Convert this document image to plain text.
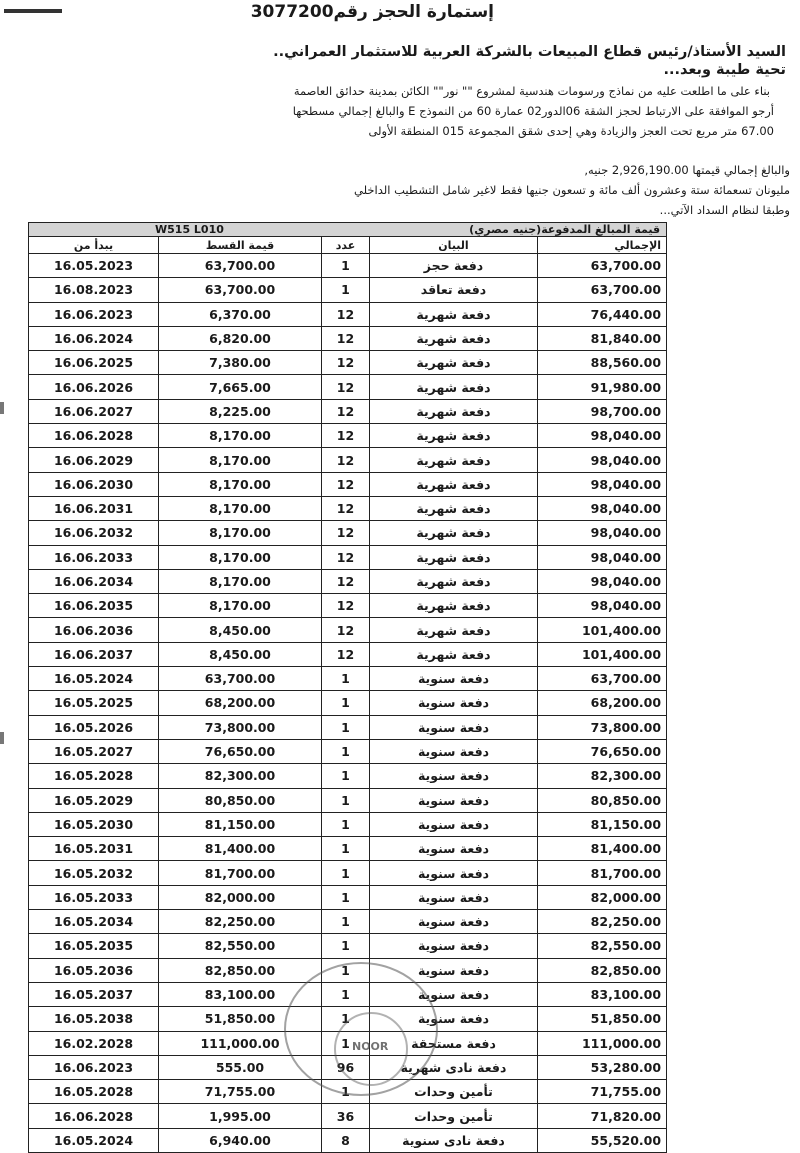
إستمارة الحجز رقم3077200
السيد الأستاذ/رئيس قطاع المبيعات بالشركة العربية للاستثمار العمراني..
تحية طيبة وبعد...
بناء على ما اطلعت عليه من نماذج ورسومات هندسية لمشروع "" نور"" الكائن بمدينة حدائق العاصمة
أرجو الموافقة على الارتباط لحجز الشقة 06الدور02 عمارة 60 من النموذج E والبالغ إجمالي مسطحها
67.00 متر مربع تحت العجز والزيادة وهي إحدى شقق المجموعة 015 المنطقة الأولى
والبالغ إجمالي قيمتها 2,926,190.00 جنيه,
مليونان تسعمائة ستة وعشرون ألف مائة و تسعون جنيها فقط لاغير شامل التشطيب الداخلي
وطبقا لنظام السداد الآتي...
W515 L010 قيمة المبالغ المدفوعة(جنيه مصري)				

يبدأ من	قيمة القسط	عدد	البيان	الإجمالي
16.05.2023	63,700.00	1	دفعة حجز	63,700.00
16.08.2023	63,700.00	1	دفعة تعاقد	63,700.00
16.06.2023	6,370.00	12	دفعة شهرية	76,440.00
16.06.2024	6,820.00	12	دفعة شهرية	81,840.00
16.06.2025	7,380.00	12	دفعة شهرية	88,560.00
16.06.2026	7,665.00	12	دفعة شهرية	91,980.00
16.06.2027	8,225.00	12	دفعة شهرية	98,700.00
16.06.2028	8,170.00	12	دفعة شهرية	98,040.00
16.06.2029	8,170.00	12	دفعة شهرية	98,040.00
16.06.2030	8,170.00	12	دفعة شهرية	98,040.00
16.06.2031	8,170.00	12	دفعة شهرية	98,040.00
16.06.2032	8,170.00	12	دفعة شهرية	98,040.00
16.06.2033	8,170.00	12	دفعة شهرية	98,040.00
16.06.2034	8,170.00	12	دفعة شهرية	98,040.00
16.06.2035	8,170.00	12	دفعة شهرية	98,040.00
16.06.2036	8,450.00	12	دفعة شهرية	101,400.00
16.06.2037	8,450.00	12	دفعة شهرية	101,400.00
16.05.2024	63,700.00	1	دفعة سنوية	63,700.00
16.05.2025	68,200.00	1	دفعة سنوية	68,200.00
16.05.2026	73,800.00	1	دفعة سنوية	73,800.00
16.05.2027	76,650.00	1	دفعة سنوية	76,650.00
16.05.2028	82,300.00	1	دفعة سنوية	82,300.00
16.05.2029	80,850.00	1	دفعة سنوية	80,850.00
16.05.2030	81,150.00	1	دفعة سنوية	81,150.00
16.05.2031	81,400.00	1	دفعة سنوية	81,400.00
16.05.2032	81,700.00	1	دفعة سنوية	81,700.00
16.05.2033	82,000.00	1	دفعة سنوية	82,000.00
16.05.2034	82,250.00	1	دفعة سنوية	82,250.00
16.05.2035	82,550.00	1	دفعة سنوية	82,550.00
16.05.2036	82,850.00	1	دفعة سنوية	82,850.00
16.05.2037	83,100.00	1	دفعة سنوية	83,100.00
16.05.2038	51,850.00	1	دفعة سنوية	51,850.00
16.02.2028	111,000.00	1	دفعة مستحقة	111,000.00
16.06.2023	555.00	96	دفعة نادى شهرية	53,280.00
16.05.2028	71,755.00	1	تأمين وحدات	71,755.00
16.06.2028	1,995.00	36	تأمين وحدات	71,820.00
16.05.2024	6,940.00	8	دفعة نادى سنوية	55,520.00
NOOR
